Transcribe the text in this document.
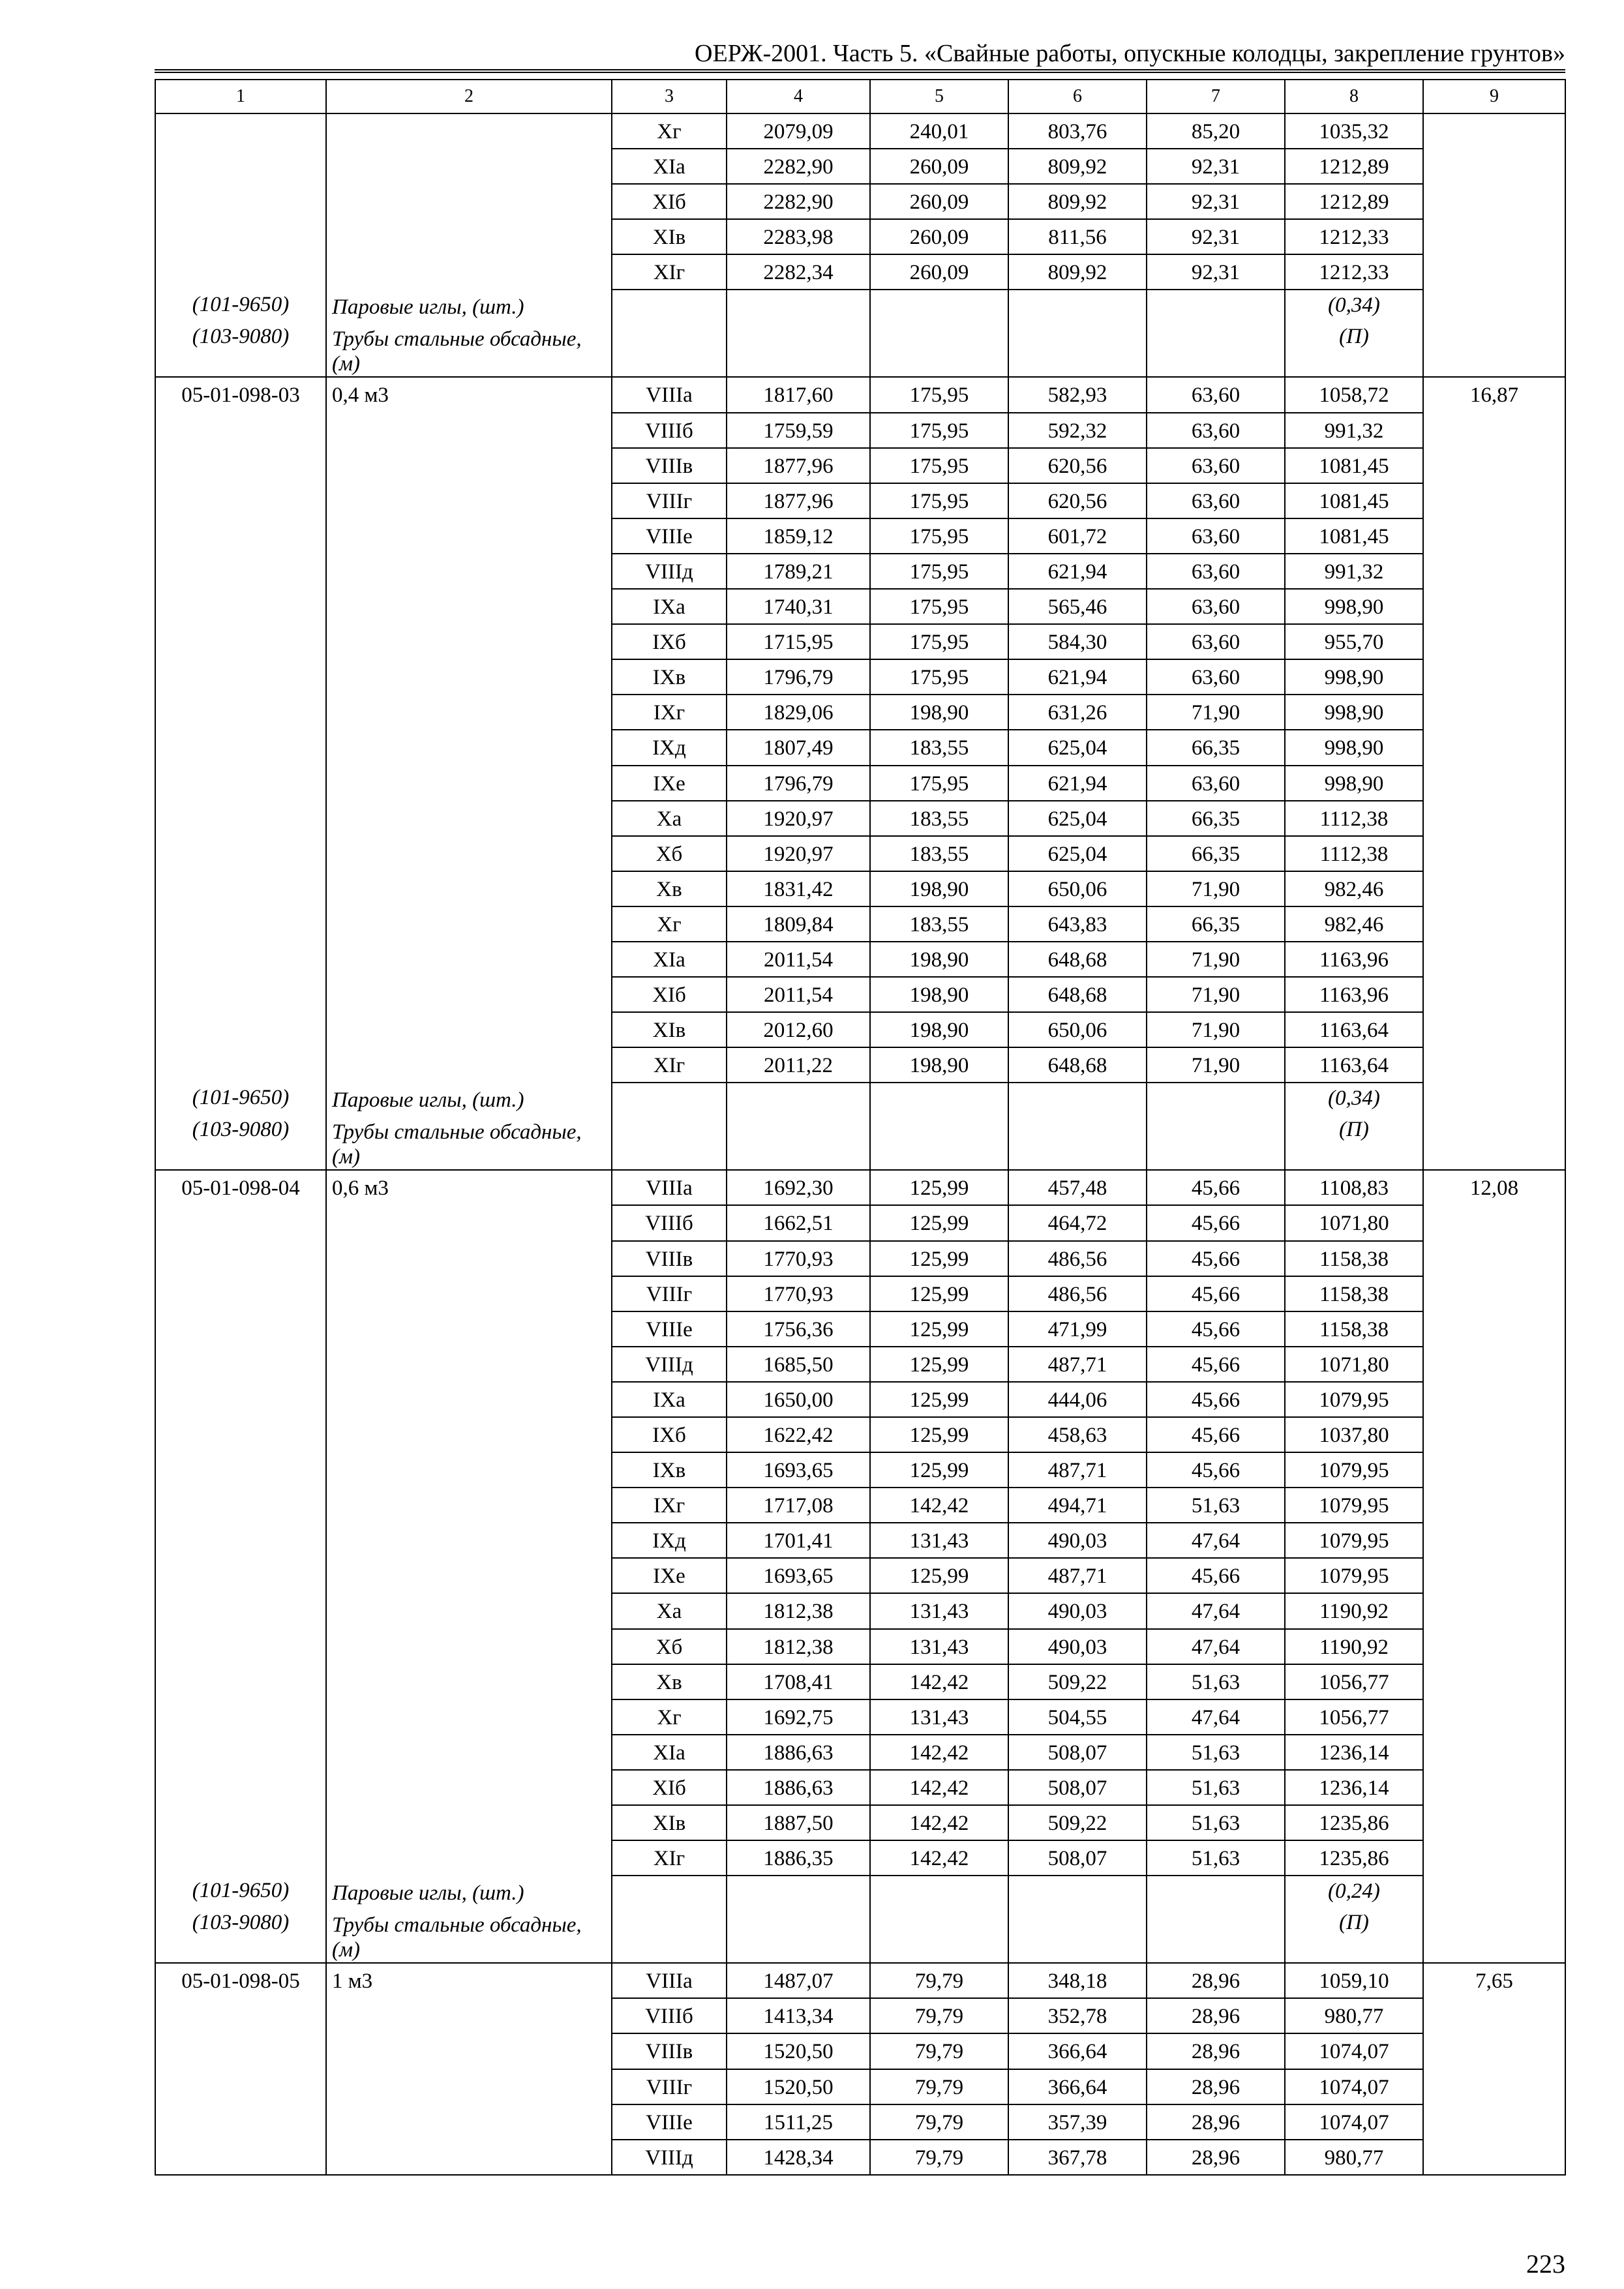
ОЕРЖ-2001. Часть 5. «Свайные работы, опускные колодцы, закрепление грунтов»
1	2	3	4	5	6	7	8	9
		Xг	2079,09	240,01	803,76	85,20	1035,32	
		XIа	2282,90	260,09	809,92	92,31	1212,89	
		XIб	2282,90	260,09	809,92	92,31	1212,89	
		XIв	2283,98	260,09	811,56	92,31	1212,33	
		XIг	2282,34	260,09	809,92	92,31	1212,33	
(101-9650)	Паровые иглы, (шт.)						(0,34)	
(103-9080)	Трубы стальные обсадные, (м)						(П)	
05-01-098-03	0,4 м3	VIIIа	1817,60	175,95	582,93	63,60	1058,72	16,87
		VIIIб	1759,59	175,95	592,32	63,60	991,32	
		VIIIв	1877,96	175,95	620,56	63,60	1081,45	
		VIIIг	1877,96	175,95	620,56	63,60	1081,45	
		VIIIе	1859,12	175,95	601,72	63,60	1081,45	
		VIIIд	1789,21	175,95	621,94	63,60	991,32	
		IXа	1740,31	175,95	565,46	63,60	998,90	
		IXб	1715,95	175,95	584,30	63,60	955,70	
		IXв	1796,79	175,95	621,94	63,60	998,90	
		IXг	1829,06	198,90	631,26	71,90	998,90	
		IXд	1807,49	183,55	625,04	66,35	998,90	
		IXе	1796,79	175,95	621,94	63,60	998,90	
		Xа	1920,97	183,55	625,04	66,35	1112,38	
		Xб	1920,97	183,55	625,04	66,35	1112,38	
		Xв	1831,42	198,90	650,06	71,90	982,46	
		Xг	1809,84	183,55	643,83	66,35	982,46	
		XIа	2011,54	198,90	648,68	71,90	1163,96	
		XIб	2011,54	198,90	648,68	71,90	1163,96	
		XIв	2012,60	198,90	650,06	71,90	1163,64	
		XIг	2011,22	198,90	648,68	71,90	1163,64	
(101-9650)	Паровые иглы, (шт.)						(0,34)	
(103-9080)	Трубы стальные обсадные, (м)						(П)	
05-01-098-04	0,6 м3	VIIIа	1692,30	125,99	457,48	45,66	1108,83	12,08
		VIIIб	1662,51	125,99	464,72	45,66	1071,80	
		VIIIв	1770,93	125,99	486,56	45,66	1158,38	
		VIIIг	1770,93	125,99	486,56	45,66	1158,38	
		VIIIе	1756,36	125,99	471,99	45,66	1158,38	
		VIIIд	1685,50	125,99	487,71	45,66	1071,80	
		IXа	1650,00	125,99	444,06	45,66	1079,95	
		IXб	1622,42	125,99	458,63	45,66	1037,80	
		IXв	1693,65	125,99	487,71	45,66	1079,95	
		IXг	1717,08	142,42	494,71	51,63	1079,95	
		IXд	1701,41	131,43	490,03	47,64	1079,95	
		IXе	1693,65	125,99	487,71	45,66	1079,95	
		Xа	1812,38	131,43	490,03	47,64	1190,92	
		Xб	1812,38	131,43	490,03	47,64	1190,92	
		Xв	1708,41	142,42	509,22	51,63	1056,77	
		Xг	1692,75	131,43	504,55	47,64	1056,77	
		XIа	1886,63	142,42	508,07	51,63	1236,14	
		XIб	1886,63	142,42	508,07	51,63	1236,14	
		XIв	1887,50	142,42	509,22	51,63	1235,86	
		XIг	1886,35	142,42	508,07	51,63	1235,86	
(101-9650)	Паровые иглы, (шт.)						(0,24)	
(103-9080)	Трубы стальные обсадные, (м)						(П)	
05-01-098-05	1 м3	VIIIа	1487,07	79,79	348,18	28,96	1059,10	7,65
		VIIIб	1413,34	79,79	352,78	28,96	980,77	
		VIIIв	1520,50	79,79	366,64	28,96	1074,07	
		VIIIг	1520,50	79,79	366,64	28,96	1074,07	
		VIIIе	1511,25	79,79	357,39	28,96	1074,07	
		VIIIд	1428,34	79,79	367,78	28,96	980,77	
223
